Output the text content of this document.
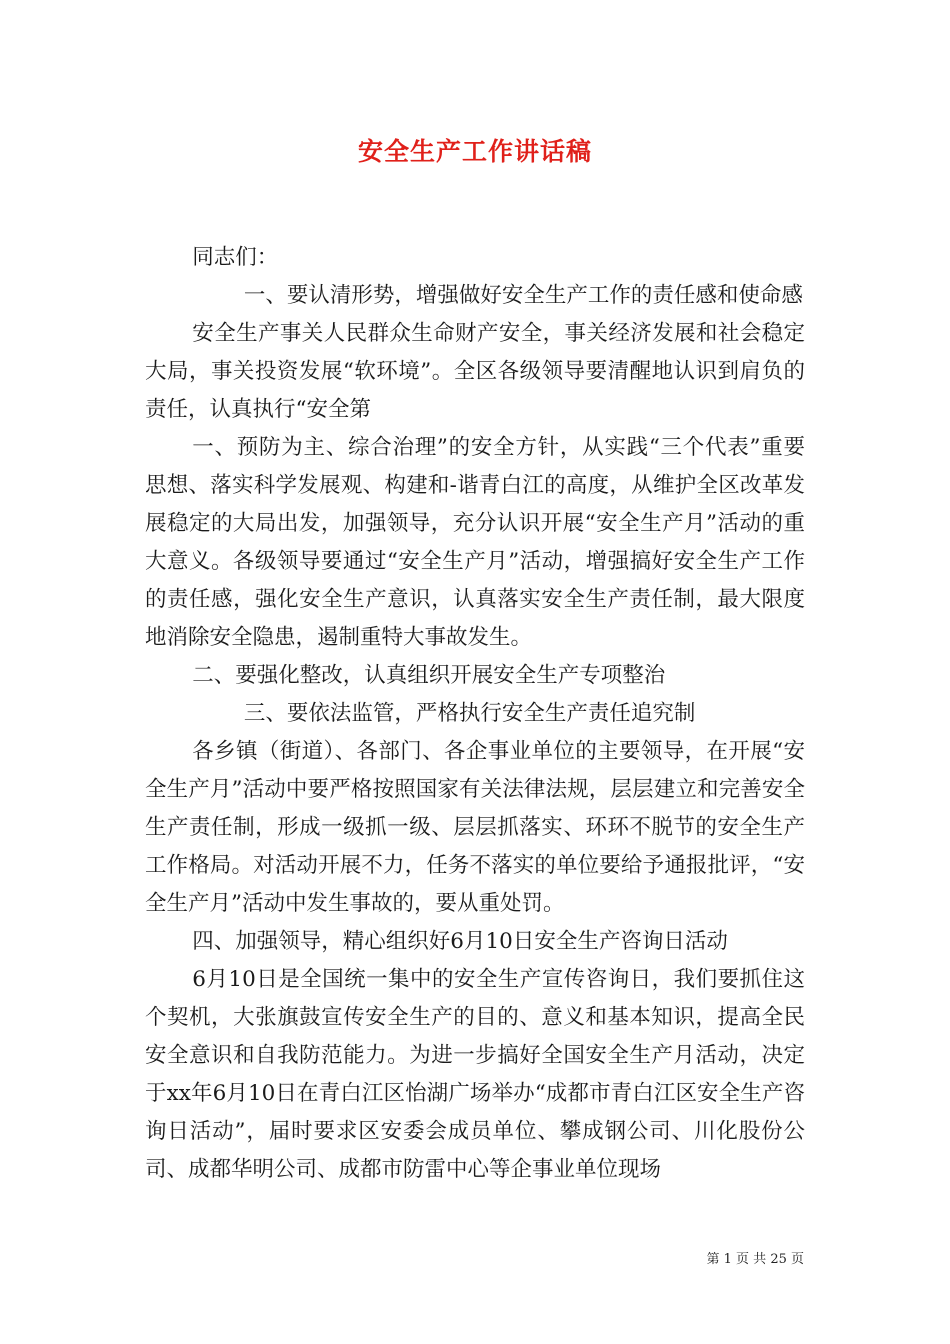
安全生产工作讲话稿

同志们：

一、要认清形势，增强做好安全生产工作的责任感和使命感

安全生产事关人民群众生命财产安全，事关经济发展和社会稳定大局，事关投资发展“软环境”。全区各级领导要清醒地认识到肩负的责任，认真执行“安全第

一、预防为主、综合治理”的安全方针，从实践“三个代表”重要思想、落实科学发展观、构建和-谐青白江的高度，从维护全区改革发展稳定的大局出发，加强领导，充分认识开展“安全生产月”活动的重大意义。各级领导要通过“安全生产月”活动，增强搞好安全生产工作的责任感，强化安全生产意识，认真落实安全生产责任制，最大限度地消除安全隐患，遏制重特大事故发生。

二、要强化整改，认真组织开展安全生产专项整治

三、要依法监管，严格执行安全生产责任追究制

各乡镇（街道）、各部门、各企事业单位的主要领导，在开展“安全生产月”活动中要严格按照国家有关法律法规，层层建立和完善安全生产责任制，形成一级抓一级、层层抓落实、环环不脱节的安全生产工作格局。对活动开展不力，任务不落实的单位要给予通报批评，“安全生产月”活动中发生事故的，要从重处罚。

四、加强领导，精心组织好6月10日安全生产咨询日活动

6月10日是全国统一集中的安全生产宣传咨询日，我们要抓住这个契机，大张旗鼓宣传安全生产的目的、意义和基本知识，提高全民安全意识和自我防范能力。为进一步搞好全国安全生产月活动，决定于xx年6月10日在青白江区怡湖广场举办“成都市青白江区安全生产咨询日活动”，届时要求区安委会成员单位、攀成钢公司、川化股份公司、成都华明公司、成都市防雷中心等企事业单位现场

第 1 页 共 25 页
